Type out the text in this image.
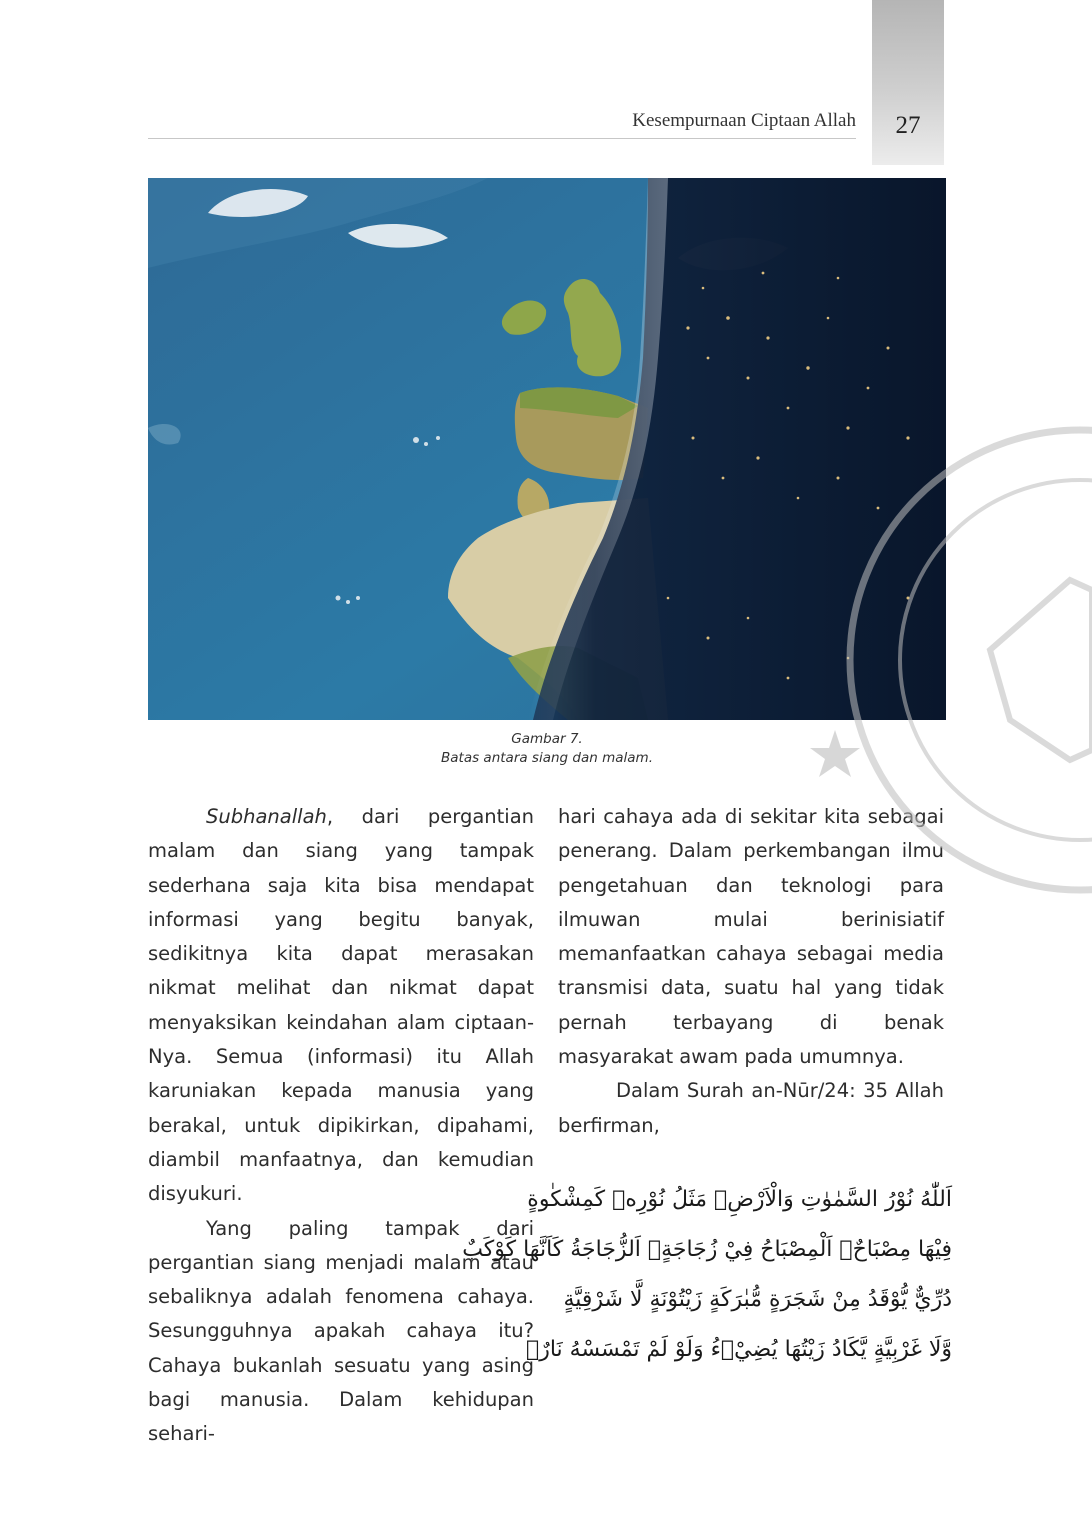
Kesempurnaan Ciptaan Allah	27
Gambar 7.
Batas antara siang dan malam.

Subhanallah, dari pergantian malam dan siang yang tampak sederhana saja kita bisa mendapat informasi yang begitu banyak, sedikitnya kita dapat merasakan nikmat melihat dan nikmat dapat menyaksikan keindahan alam ciptaan-Nya. Semua (informasi) itu Allah karuniakan kepada manusia yang berakal, untuk dipikirkan, dipahami, diambil manfaatnya, dan kemudian disyukuri.

Yang paling tampak dari pergantian siang menjadi malam atau sebaliknya adalah fenomena cahaya. Sesungguhnya apakah cahaya itu? Cahaya bukanlah sesuatu yang asing bagi manusia. Dalam kehidupan sehari-

hari cahaya ada di sekitar kita sebagai penerang. Dalam perkembangan ilmu pengetahuan dan teknologi para ilmuwan mulai berinisiatif memanfaatkan cahaya sebagai media transmisi data, suatu hal yang tidak pernah terbayang di benak masyarakat awam pada umumnya.

Dalam Surah an-Nūr/24: 35 Allah berfirman,

اَللّٰهُ نُوْرُ السَّمٰوٰتِ وَالْاَرْضِۗ مَثَلُ نُوْرِهٖ كَمِشْكٰوةٍ
فِيْهَا مِصْبَاحٌۗ اَلْمِصْبَاحُ فِيْ زُجَاجَةٍۗ اَلزُّجَاجَةُ كَاَنَّهَا كَوْكَبٌ
دُرِّيٌّ يُّوْقَدُ مِنْ شَجَرَةٍ مُّبٰرَكَةٍ زَيْتُوْنَةٍ لَّا شَرْقِيَّةٍ
وَّلَا غَرْبِيَّةٍ يَّكَادُ زَيْتُهَا يُضِيْۤءُ وَلَوْ لَمْ تَمْسَسْهُ نَارٌۗ
